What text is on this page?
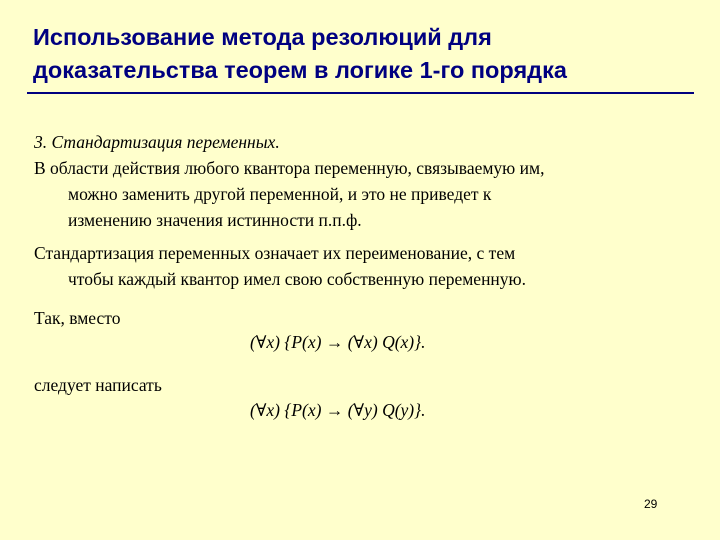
Использование метода резолюций для
доказательства теорем в логике 1-го порядка
3. Стандартизация переменных.
В области действия любого квантора переменную, связываемую им,
можно заменить другой переменной, и это не приведет к
изменению значения истинности п.п.ф.
Стандартизация переменных означает их переименование, с тем
чтобы каждый квантор имел свою собственную переменную.
Так, вместо
(∀x) {P(x) → (∀x) Q(x)}.
следует написать
(∀x) {P(x) → (∀y) Q(y)}.
29
